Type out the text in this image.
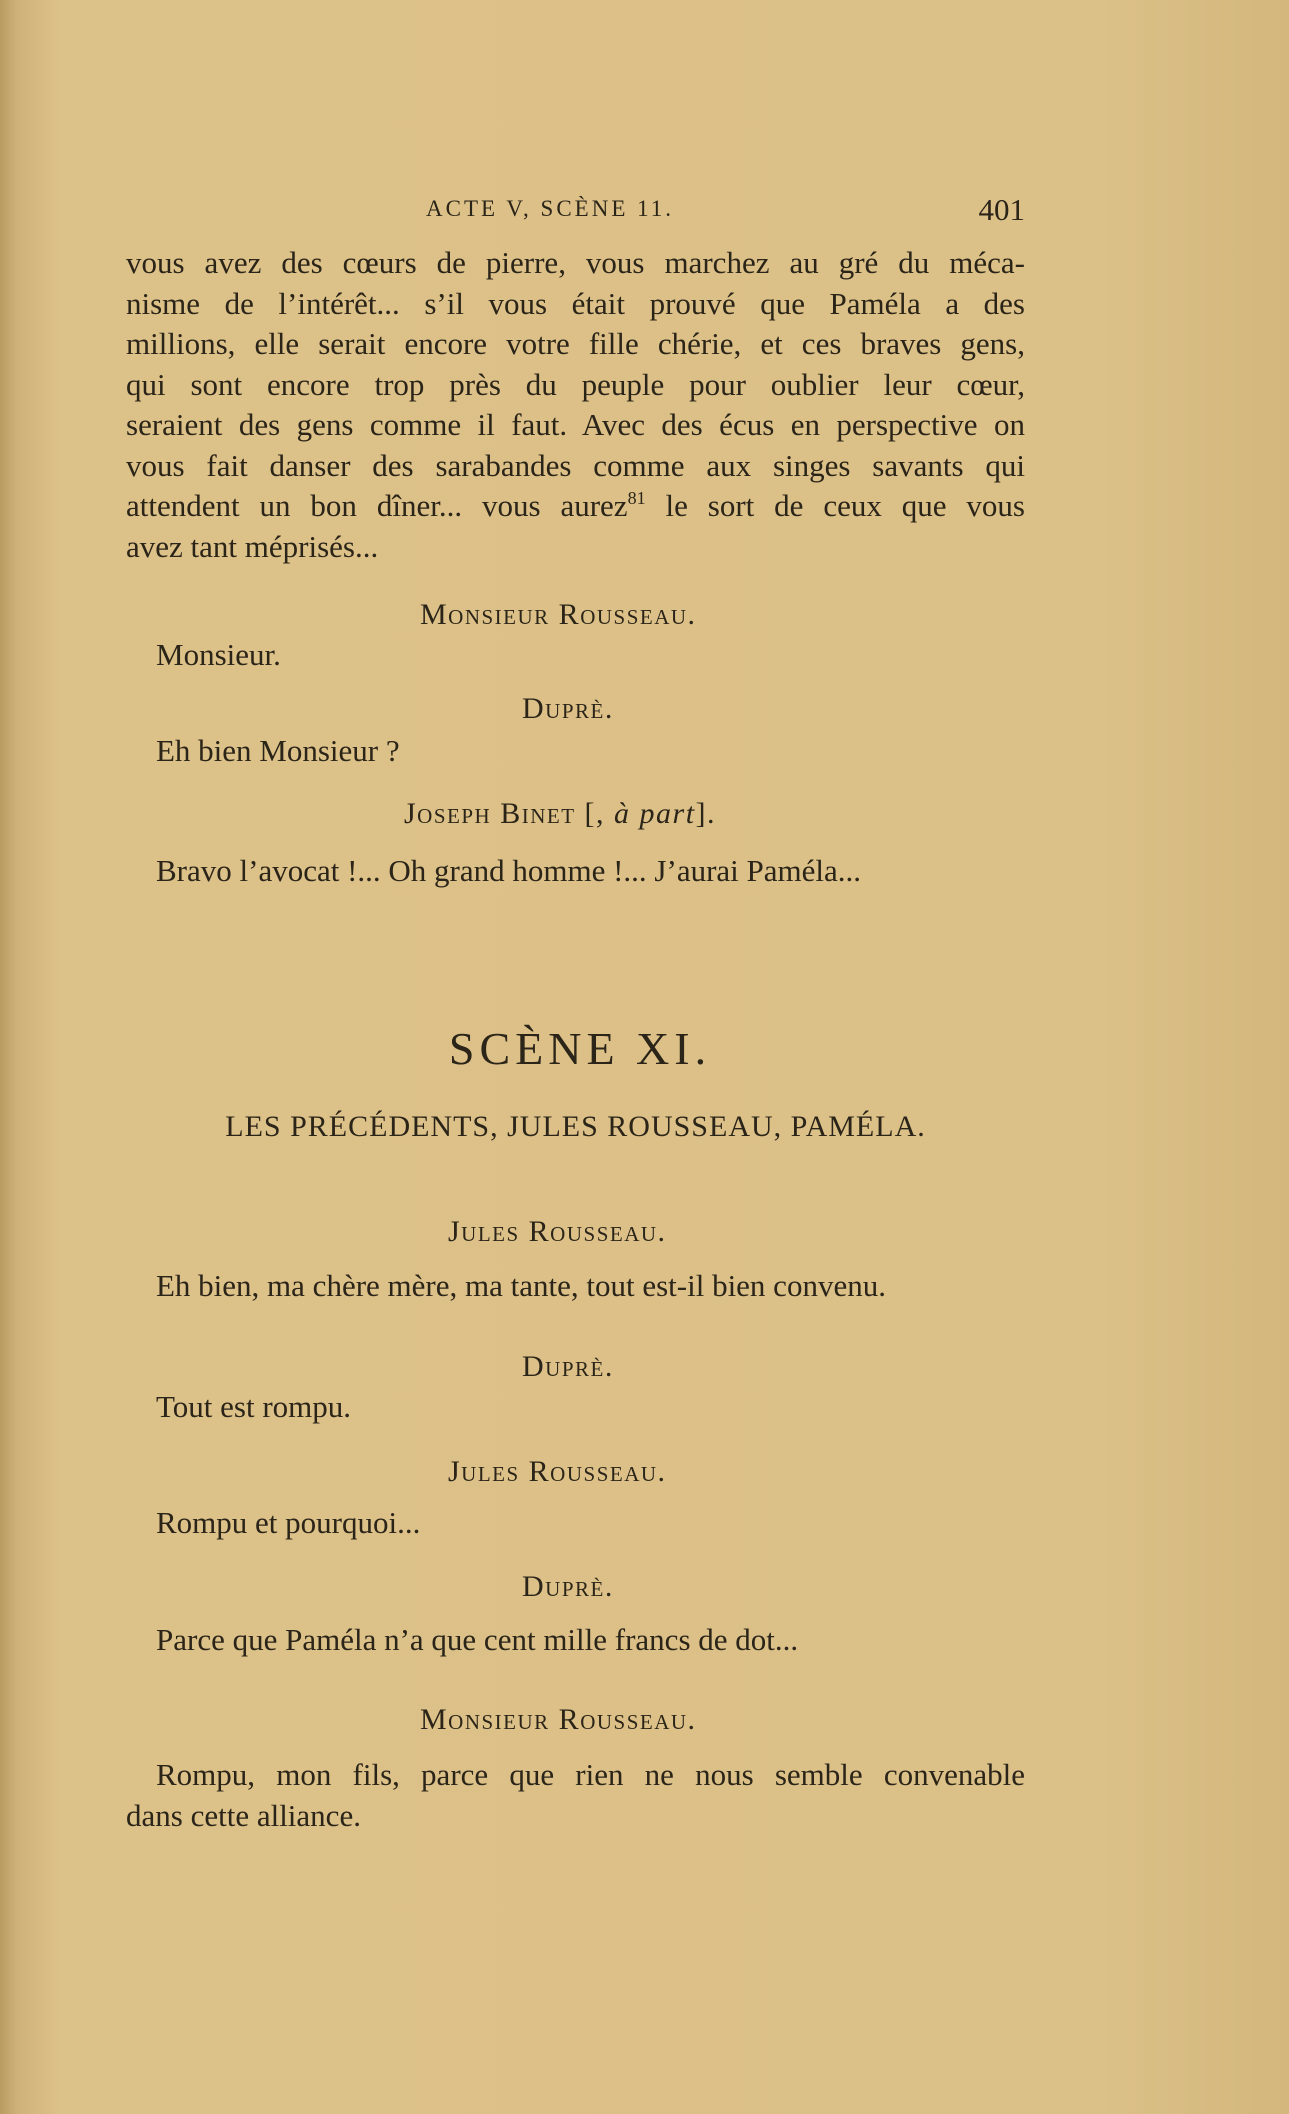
ACTE V, SCÈNE 11.	401
vous avez des cœurs de pierre, vous marchez au gré du méca-
nisme de l’intérêt... s’il vous était prouvé que Paméla a des
millions, elle serait encore votre fille chérie, et ces braves gens,
qui sont encore trop près du peuple pour oublier leur cœur,
seraient des gens comme il faut. Avec des écus en perspective on
vous fait danser des sarabandes comme aux singes savants qui
attendent un bon dîner... vous aurez$^{81}$ le sort de ceux que vous
avez tant méprisés...
Monsieur Rousseau.
Monsieur.
Duprè.
Eh bien Monsieur ?
Joseph Binet [, à part].
Bravo l’avocat !... Oh grand homme !... J’aurai Paméla...
SCÈNE XI.
LES PRÉCÉDENTS, JULES ROUSSEAU, PAMÉLA.
Jules Rousseau.
Eh bien, ma chère mère, ma tante, tout est-il bien convenu.
Duprè.
Tout est rompu.
Jules Rousseau.
Rompu et pourquoi...
Duprè.
Parce que Paméla n’a que cent mille francs de dot...
Monsieur Rousseau.
Rompu, mon fils, parce que rien ne nous semble convenable
dans cette alliance.
